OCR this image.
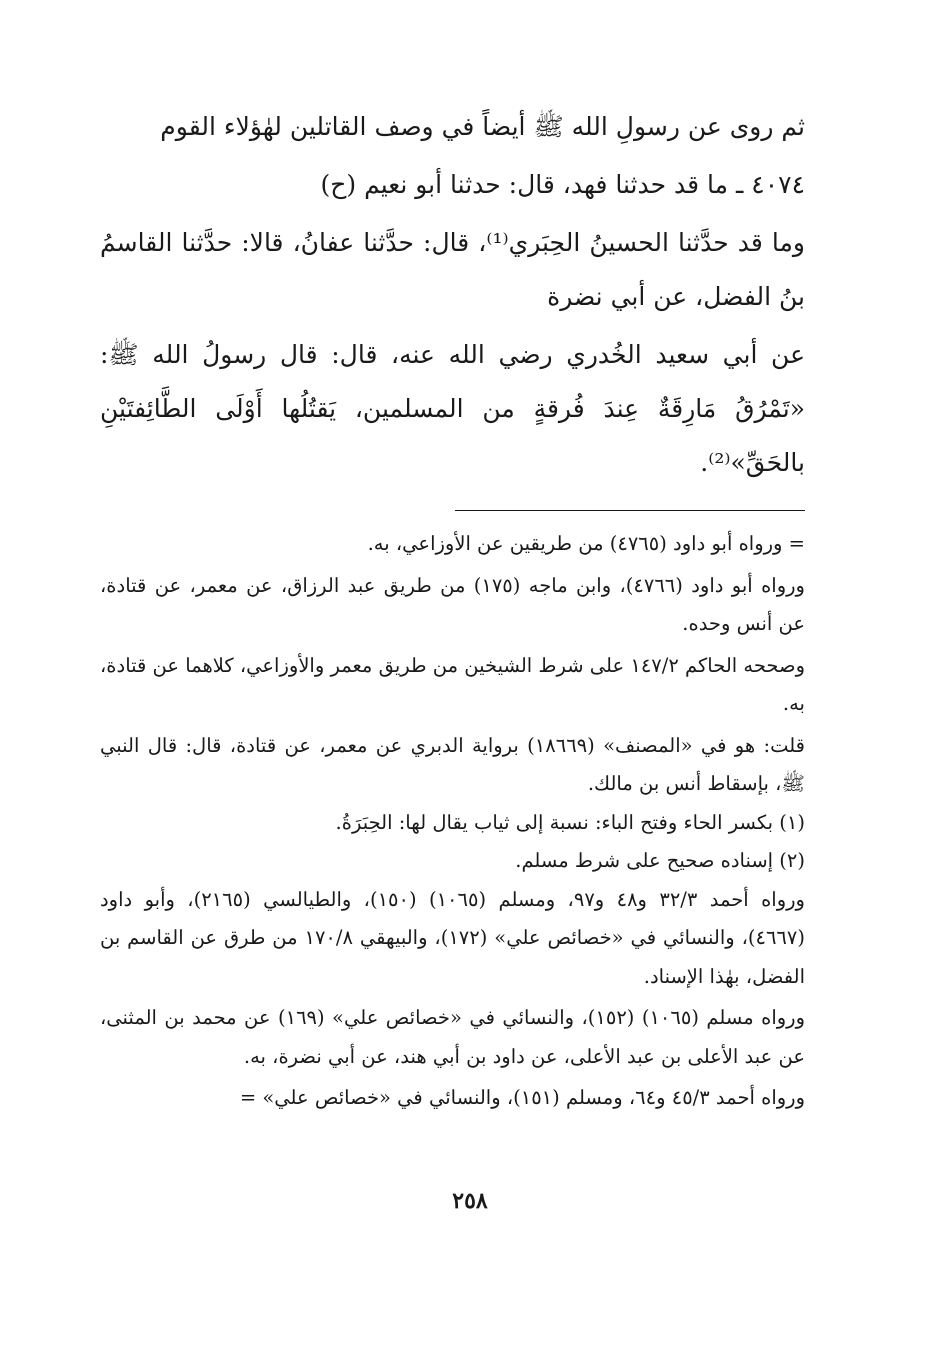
ثم روى عن رسولِ الله ﷺ أيضاً في وصف القاتلين لهٰؤلاء القوم

٤٠٧٤ ـ ما قد حدثنا فهد، قال: حدثنا أبو نعيم (ح)

وما قد حدَّثنا الحسينُ الحِبَري⁽¹⁾، قال: حدَّثنا عفانُ، قالا: حدَّثنا القاسمُ بنُ الفضل، عن أبي نضرة

عن أبي سعيد الخُدري رضي الله عنه، قال: قال رسولُ الله ﷺ: «تَمْرُقُ مَارِقَةٌ عِندَ فُرقةٍ من المسلمين، يَقتُلُها أَوْلَى الطَّائِفتَيْنِ بالحَقِّ»⁽²⁾.

= ورواه أبو داود (٤٧٦٥) من طريقين عن الأوزاعي، به.

ورواه أبو داود (٤٧٦٦)، وابن ماجه (١٧٥) من طريق عبد الرزاق، عن معمر، عن قتادة، عن أنس وحده.

وصححه الحاكم ١٤٧/٢ على شرط الشيخين من طريق معمر والأوزاعي، كلاهما عن قتادة، به.

قلت: هو في «المصنف» (١٨٦٦٩) برواية الدبري عن معمر، عن قتادة، قال: قال النبي ﷺ، بإسقاط أنس بن مالك.

(١) بكسر الحاء وفتح الباء: نسبة إلى ثياب يقال لها: الحِبَرَةُ.

(٢) إسناده صحيح على شرط مسلم.

ورواه أحمد ٣٢/٣ و٤٨ و٩٧، ومسلم (١٠٦٥) (١٥٠)، والطيالسي (٢١٦٥)، وأبو داود (٤٦٦٧)، والنسائي في «خصائص علي» (١٧٢)، والبيهقي ١٧٠/٨ من طرق عن القاسم بن الفضل، بهٰذا الإسناد.

ورواه مسلم (١٠٦٥) (١٥٢)، والنسائي في «خصائص علي» (١٦٩) عن محمد بن المثنى، عن عبد الأعلى بن عبد الأعلى، عن داود بن أبي هند، عن أبي نضرة، به.

ورواه أحمد ٤٥/٣ و٦٤، ومسلم (١٥١)، والنسائي في «خصائص علي» =

٢٥٨
